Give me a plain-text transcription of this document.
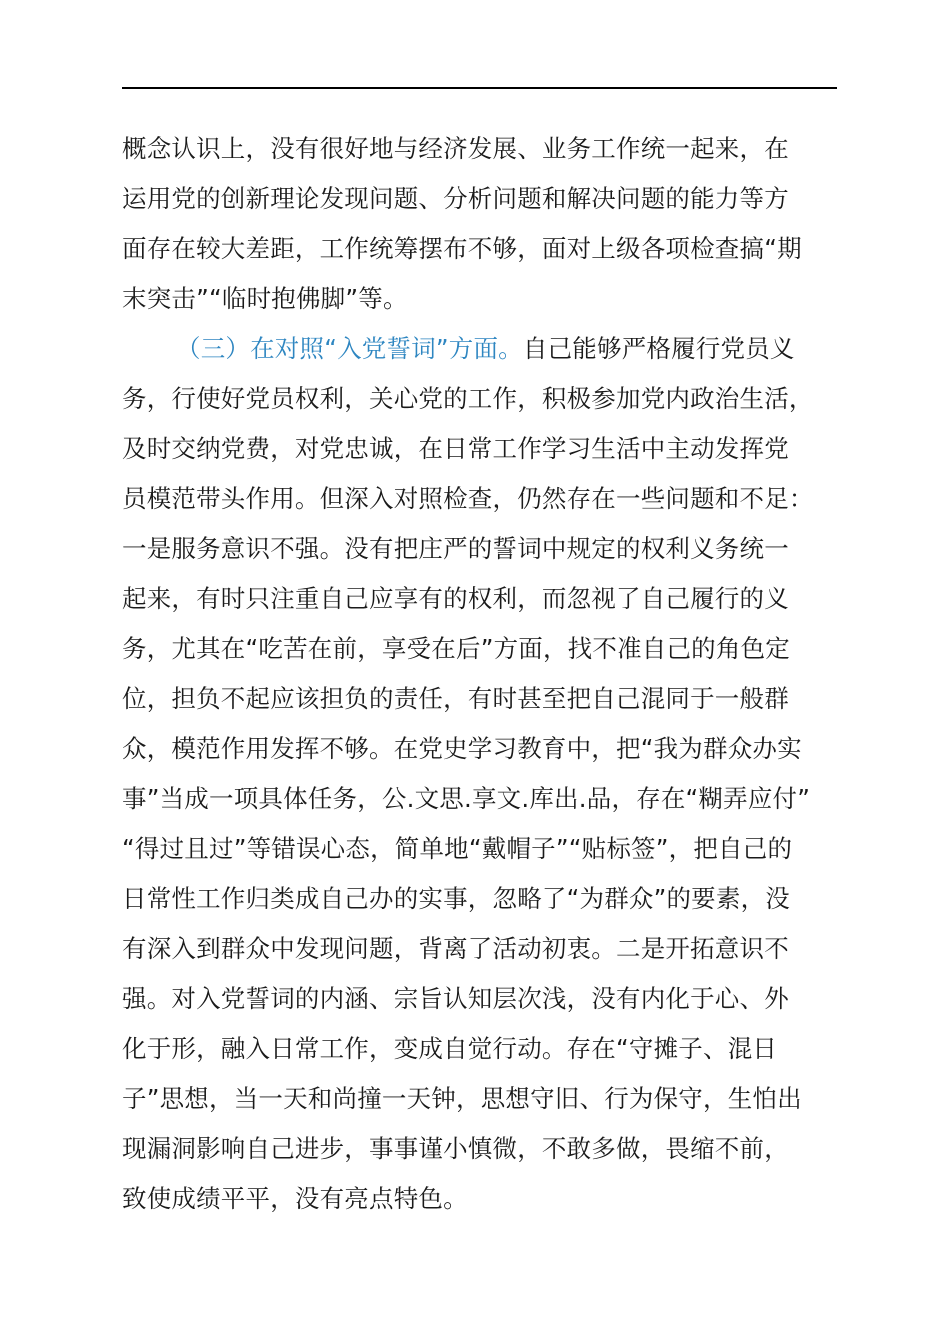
概念认识上，没有很好地与经济发展、业务工作统一起来，在
运用党的创新理论发现问题、分析问题和解决问题的能力等方
面存在较大差距，工作统筹摆布不够，面对上级各项检查搞“期
末突击”“临时抱佛脚”等。
（三）在对照“入党誓词”方面。自己能够严格履行党员义
务，行使好党员权利，关心党的工作，积极参加党内政治生活，
及时交纳党费，对党忠诚，在日常工作学习生活中主动发挥党
员模范带头作用。但深入对照检查，仍然存在一些问题和不足：
一是服务意识不强。没有把庄严的誓词中规定的权利义务统一
起来，有时只注重自己应享有的权利，而忽视了自己履行的义
务，尤其在“吃苦在前，享受在后”方面，找不准自己的角色定
位，担负不起应该担负的责任，有时甚至把自己混同于一般群
众，模范作用发挥不够。在党史学习教育中，把“我为群众办实
事”当成一项具体任务，公.文思.享文.库出.品，存在“糊弄应付”
“得过且过”等错误心态，简单地“戴帽子”“贴标签”，把自己的
日常性工作归类成自己办的实事，忽略了“为群众”的要素，没
有深入到群众中发现问题，背离了活动初衷。二是开拓意识不
强。对入党誓词的内涵、宗旨认知层次浅，没有内化于心、外
化于形，融入日常工作，变成自觉行动。存在“守摊子、混日
子”思想，当一天和尚撞一天钟，思想守旧、行为保守，生怕出
现漏洞影响自己进步，事事谨小慎微，不敢多做，畏缩不前，
致使成绩平平，没有亮点特色。
